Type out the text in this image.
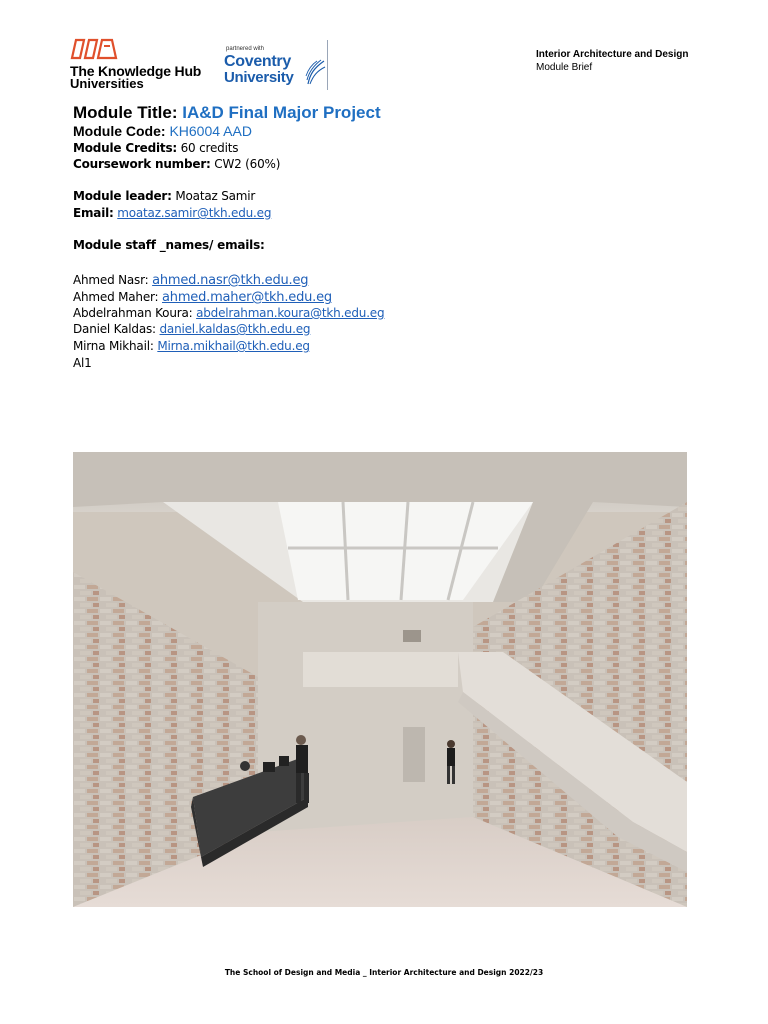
The Knowledge Hub
Universities
partnered with
Coventry
University
Interior Architecture and Design
Module Brief
Module Title: IA&D Final Major Project
Module Code: KH6004 AAD
Module Credits: 60 credits
Coursework number: CW2 (60%)
Module leader: Moataz Samir
Email: moataz.samir@tkh.edu.eg
Module staff _names/ emails:
Ahmed Nasr: ahmed.nasr@tkh.edu.eg
Ahmed Maher: ahmed.maher@tkh.edu.eg
Abdelrahman Koura: abdelrahman.koura@tkh.edu.eg
Daniel Kaldas: daniel.kaldas@tkh.edu.eg
Mirna Mikhail: Mirna.mikhail@tkh.edu.eg
Al1
The School of Design and Media _ Interior Architecture and Design 2022/23
